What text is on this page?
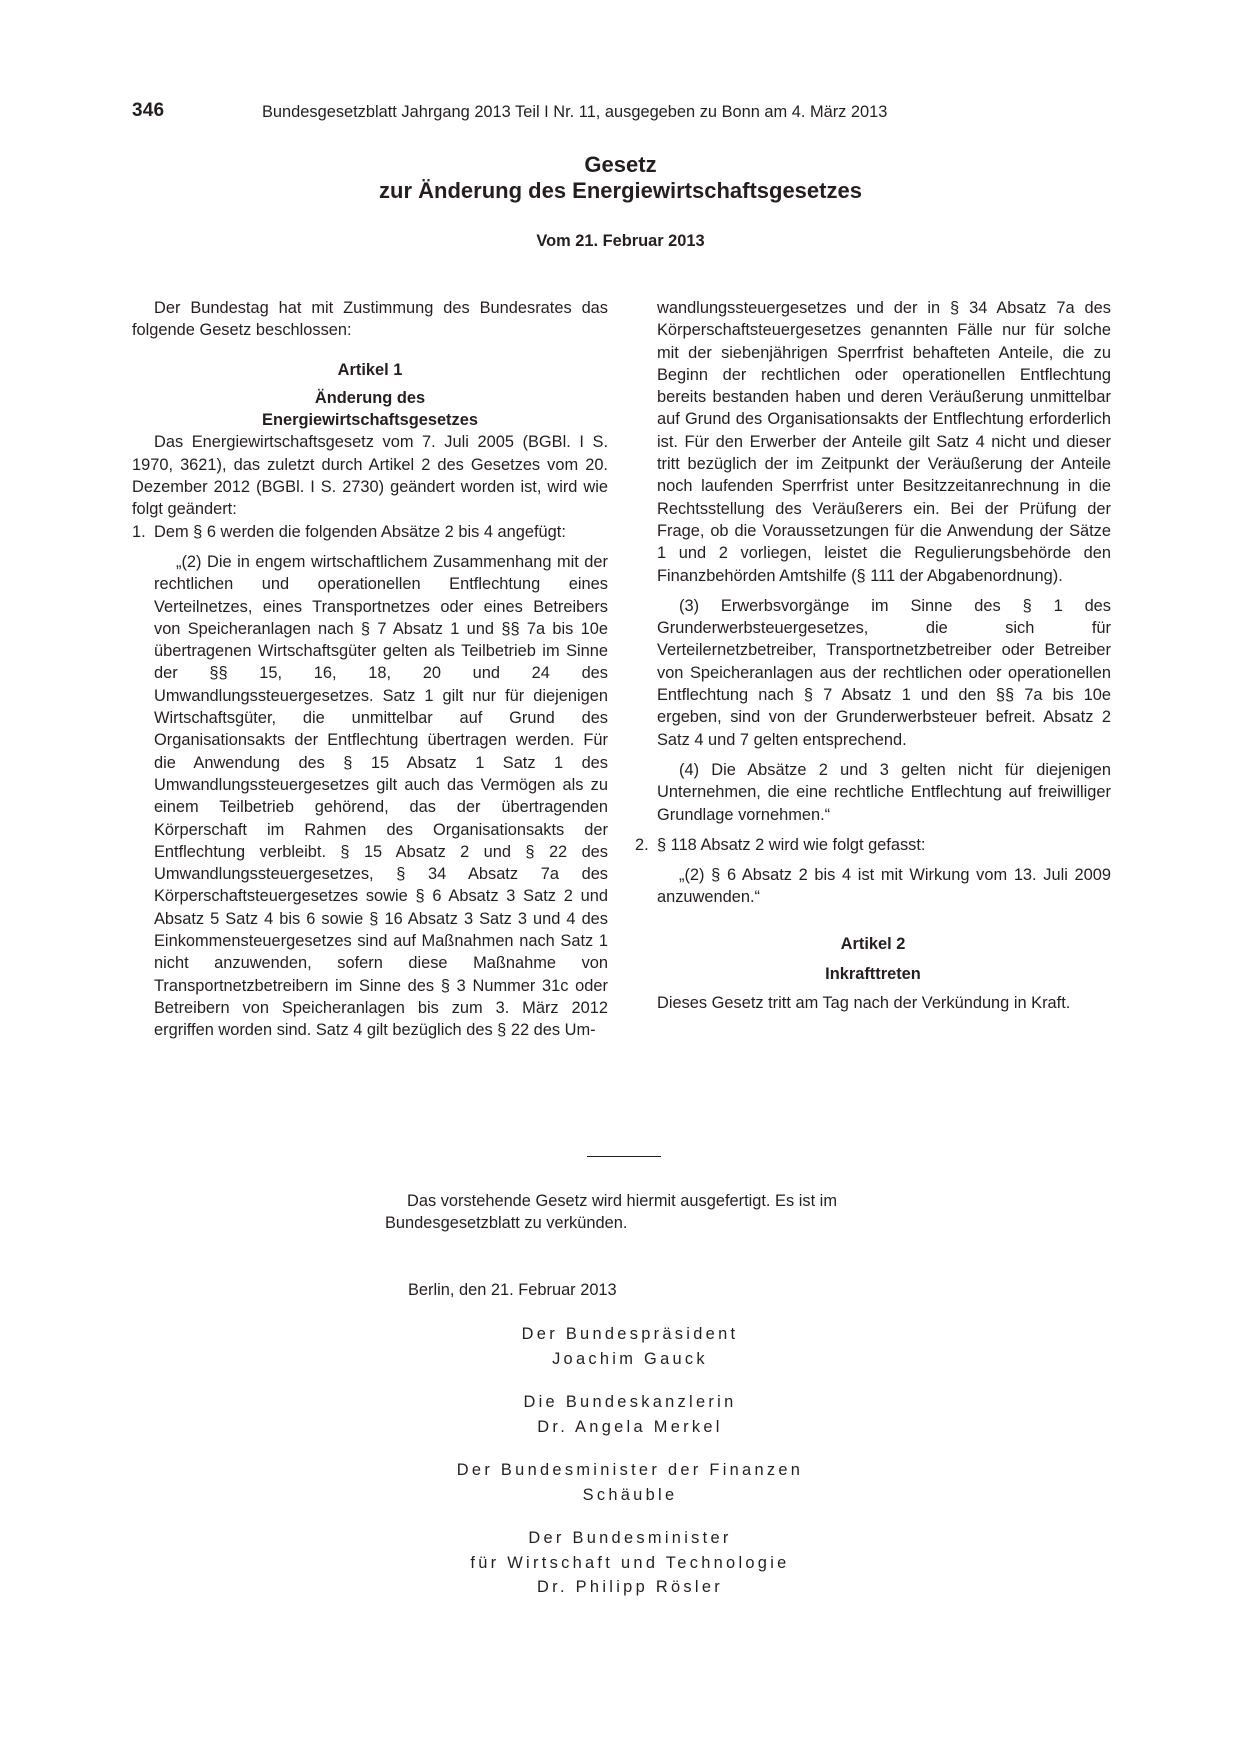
346	Bundesgesetzblatt Jahrgang 2013 Teil I Nr. 11, ausgegeben zu Bonn am 4. März 2013
Gesetz
zur Änderung des Energiewirtschaftsgesetzes
Vom 21. Februar 2013

Der Bundestag hat mit Zustimmung des Bundesrates das folgende Gesetz beschlossen:

Artikel 1

Änderung des

Energiewirtschaftsgesetzes

Das Energiewirtschaftsgesetz vom 7. Juli 2005 (BGBl. I S. 1970, 3621), das zuletzt durch Artikel 2 des Gesetzes vom 20. Dezember 2012 (BGBl. I S. 2730) geändert worden ist, wird wie folgt geändert:

1. Dem § 6 werden die folgenden Absätze 2 bis 4 angefügt:

„(2) Die in engem wirtschaftlichem Zusammenhang mit der rechtlichen und operationellen Entflechtung eines Verteilnetzes, eines Transportnetzes oder eines Betreibers von Speicheranlagen nach § 7 Absatz 1 und §§ 7a bis 10e übertragenen Wirtschaftsgüter gelten als Teilbetrieb im Sinne der §§ 15, 16, 18, 20 und 24 des Umwandlungssteuergesetzes. Satz 1 gilt nur für diejenigen Wirtschaftsgüter, die unmittelbar auf Grund des Organisationsakts der Entflechtung übertragen werden. Für die Anwendung des § 15 Absatz 1 Satz 1 des Umwandlungssteuergesetzes gilt auch das Vermögen als zu einem Teilbetrieb gehörend, das der übertragenden Körperschaft im Rahmen des Organisationsakts der Entflechtung verbleibt. § 15 Absatz 2 und § 22 des Umwandlungssteuergesetzes, § 34 Absatz 7a des Körperschaftsteuergesetzes sowie § 6 Absatz 3 Satz 2 und Absatz 5 Satz 4 bis 6 sowie § 16 Absatz 3 Satz 3 und 4 des Einkommensteuergesetzes sind auf Maßnahmen nach Satz 1 nicht anzuwenden, sofern diese Maßnahme von Transportnetzbetreibern im Sinne des § 3 Nummer 31c oder Betreibern von Speicheranlagen bis zum 3. März 2012 ergriffen worden sind. Satz 4 gilt bezüglich des § 22 des Um-

wandlungssteuergesetzes und der in § 34 Absatz 7a des Körperschaftsteuergesetzes genannten Fälle nur für solche mit der siebenjährigen Sperrfrist behafteten Anteile, die zu Beginn der rechtlichen oder operationellen Entflechtung bereits bestanden haben und deren Veräußerung unmittelbar auf Grund des Organisationsakts der Entflechtung erforderlich ist. Für den Erwerber der Anteile gilt Satz 4 nicht und dieser tritt bezüglich der im Zeitpunkt der Veräußerung der Anteile noch laufenden Sperrfrist unter Besitzzeitanrechnung in die Rechtsstellung des Veräußerers ein. Bei der Prüfung der Frage, ob die Voraussetzungen für die Anwendung der Sätze 1 und 2 vorliegen, leistet die Regulierungsbehörde den Finanzbehörden Amtshilfe (§ 111 der Abgabenordnung).

(3) Erwerbsvorgänge im Sinne des § 1 des Grunderwerbsteuergesetzes, die sich für Verteilernetzbetreiber, Transportnetzbetreiber oder Betreiber von Speicheranlagen aus der rechtlichen oder operationellen Entflechtung nach § 7 Absatz 1 und den §§ 7a bis 10e ergeben, sind von der Grunderwerbsteuer befreit. Absatz 2 Satz 4 und 7 gelten entsprechend.

(4) Die Absätze 2 und 3 gelten nicht für diejenigen Unternehmen, die eine rechtliche Entflechtung auf freiwilliger Grundlage vornehmen.“

2. § 118 Absatz 2 wird wie folgt gefasst:

„(2) § 6 Absatz 2 bis 4 ist mit Wirkung vom 13. Juli 2009 anzuwenden.“

Artikel 2

Inkrafttreten

Dieses Gesetz tritt am Tag nach der Verkündung in Kraft.

Das vorstehende Gesetz wird hiermit ausgefertigt. Es ist im Bundesgesetzblatt zu verkünden.

Berlin, den 21. Februar 2013
Der Bundespräsident
Joachim Gauck
Die Bundeskanzlerin
Dr. Angela Merkel
Der Bundesminister der Finanzen
Schäuble
Der Bundesminister
für Wirtschaft und Technologie
Dr. Philipp Rösler
